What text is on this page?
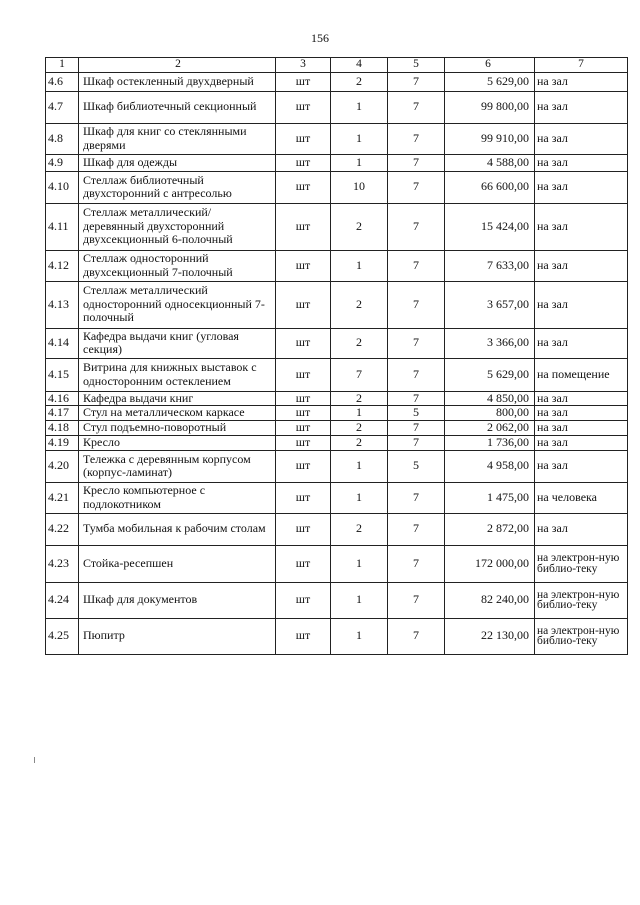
156
1	2	3	4	5	6	7
4.6	Шкаф остекленный двухдверный	шт	2	7	5 629,00	на зал
4.7	Шкаф библиотечный секционный	шт	1	7	99 800,00	на зал
4.8	Шкаф для книг со стеклянными дверями	шт	1	7	99 910,00	на зал
4.9	Шкаф для одежды	шт	1	7	4 588,00	на зал
4.10	Стеллаж библиотечный двухсторонний с антресолью	шт	10	7	66 600,00	на зал
4.11	Стеллаж металлический/ деревянный двухсторонний двухсекционный 6-полочный	шт	2	7	15 424,00	на зал
4.12	Стеллаж односторонний двухсекционный 7-полочный	шт	1	7	7 633,00	на зал
4.13	Стеллаж металлический односторонний односекционный 7-полочный	шт	2	7	3 657,00	на зал
4.14	Кафедра выдачи книг (угловая секция)	шт	2	7	3 366,00	на зал
4.15	Витрина для книжных выставок с односторонним остеклением	шт	7	7	5 629,00	на помещение
4.16	Кафедра выдачи книг	шт	2	7	4 850,00	на зал
4.17	Стул на металлическом каркасе	шт	1	5	800,00	на зал
4.18	Стул подъемно-поворотный	шт	2	7	2 062,00	на зал
4.19	Кресло	шт	2	7	1 736,00	на зал
4.20	Тележка с деревянным корпусом (корпус-ламинат)	шт	1	5	4 958,00	на зал
4.21	Кресло компьютерное с подлокотником	шт	1	7	1 475,00	на человека
4.22	Тумба мобильная к рабочим столам	шт	2	7	2 872,00	на зал
4.23	Стойка-ресепшен	шт	1	7	172 000,00	на электрон-ную библио-теку
4.24	Шкаф для документов	шт	1	7	82 240,00	на электрон-ную библио-теку
4.25	Пюпитр	шт	1	7	22 130,00	на электрон-ную библио-теку
